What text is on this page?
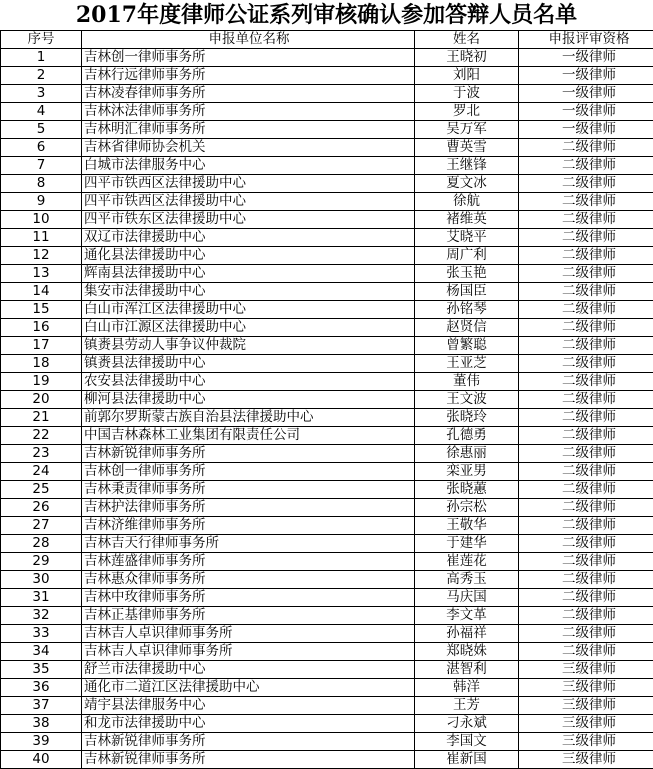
2017年度律师公证系列审核确认参加答辩人员名单
序号	申报单位名称	姓名	申报评审资格
1	吉林创一律师事务所	王晓初	一级律师
2	吉林行远律师事务所	刘阳	一级律师
3	吉林凌春律师事务所	于波	一级律师
4	吉林沐法律师事务所	罗北	一级律师
5	吉林明汇律师事务所	吴万军	一级律师
6	吉林省律师协会机关	曹英雪	二级律师
7	白城市法律服务中心	王继锋	二级律师
8	四平市铁西区法律援助中心	夏文冰	二级律师
9	四平市铁西区法律援助中心	徐航	二级律师
10	四平市铁东区法律援助中心	褚维英	二级律师
11	双辽市法律援助中心	艾晓平	二级律师
12	通化县法律援助中心	周广利	二级律师
13	辉南县法律援助中心	张玉艳	二级律师
14	集安市法律援助中心	杨国臣	二级律师
15	白山市浑江区法律援助中心	孙铭琴	二级律师
16	白山市江源区法律援助中心	赵贤信	二级律师
17	镇赉县劳动人事争议仲裁院	曾繁聪	二级律师
18	镇赉县法律援助中心	王亚芝	二级律师
19	农安县法律援助中心	董伟	二级律师
20	柳河县法律援助中心	王文波	二级律师
21	前郭尔罗斯蒙古族自治县法律援助中心	张晓玲	二级律师
22	中国吉林森林工业集团有限责任公司	孔德勇	二级律师
23	吉林新锐律师事务所	徐惠丽	二级律师
24	吉林创一律师事务所	栾亚男	二级律师
25	吉林秉责律师事务所	张晓蕙	二级律师
26	吉林护法律师事务所	孙宗松	二级律师
27	吉林济维律师事务所	王敬华	二级律师
28	吉林吉天行律师事务所	于建华	二级律师
29	吉林莲盛律师事务所	崔莲花	二级律师
30	吉林惠众律师事务所	高秀玉	二级律师
31	吉林中玫律师事务所	马庆国	二级律师
32	吉林正基律师事务所	李文革	二级律师
33	吉林吉人卓识律师事务所	孙福祥	二级律师
34	吉林吉人卓识律师事务所	郑晓姝	二级律师
35	舒兰市法律援助中心	湛智利	三级律师
36	通化市二道江区法律援助中心	韩洋	三级律师
37	靖宇县法律服务中心	王芳	三级律师
38	和龙市法律援助中心	刁永斌	三级律师
39	吉林新锐律师事务所	李国文	三级律师
40	吉林新锐律师事务所	崔新国	三级律师
